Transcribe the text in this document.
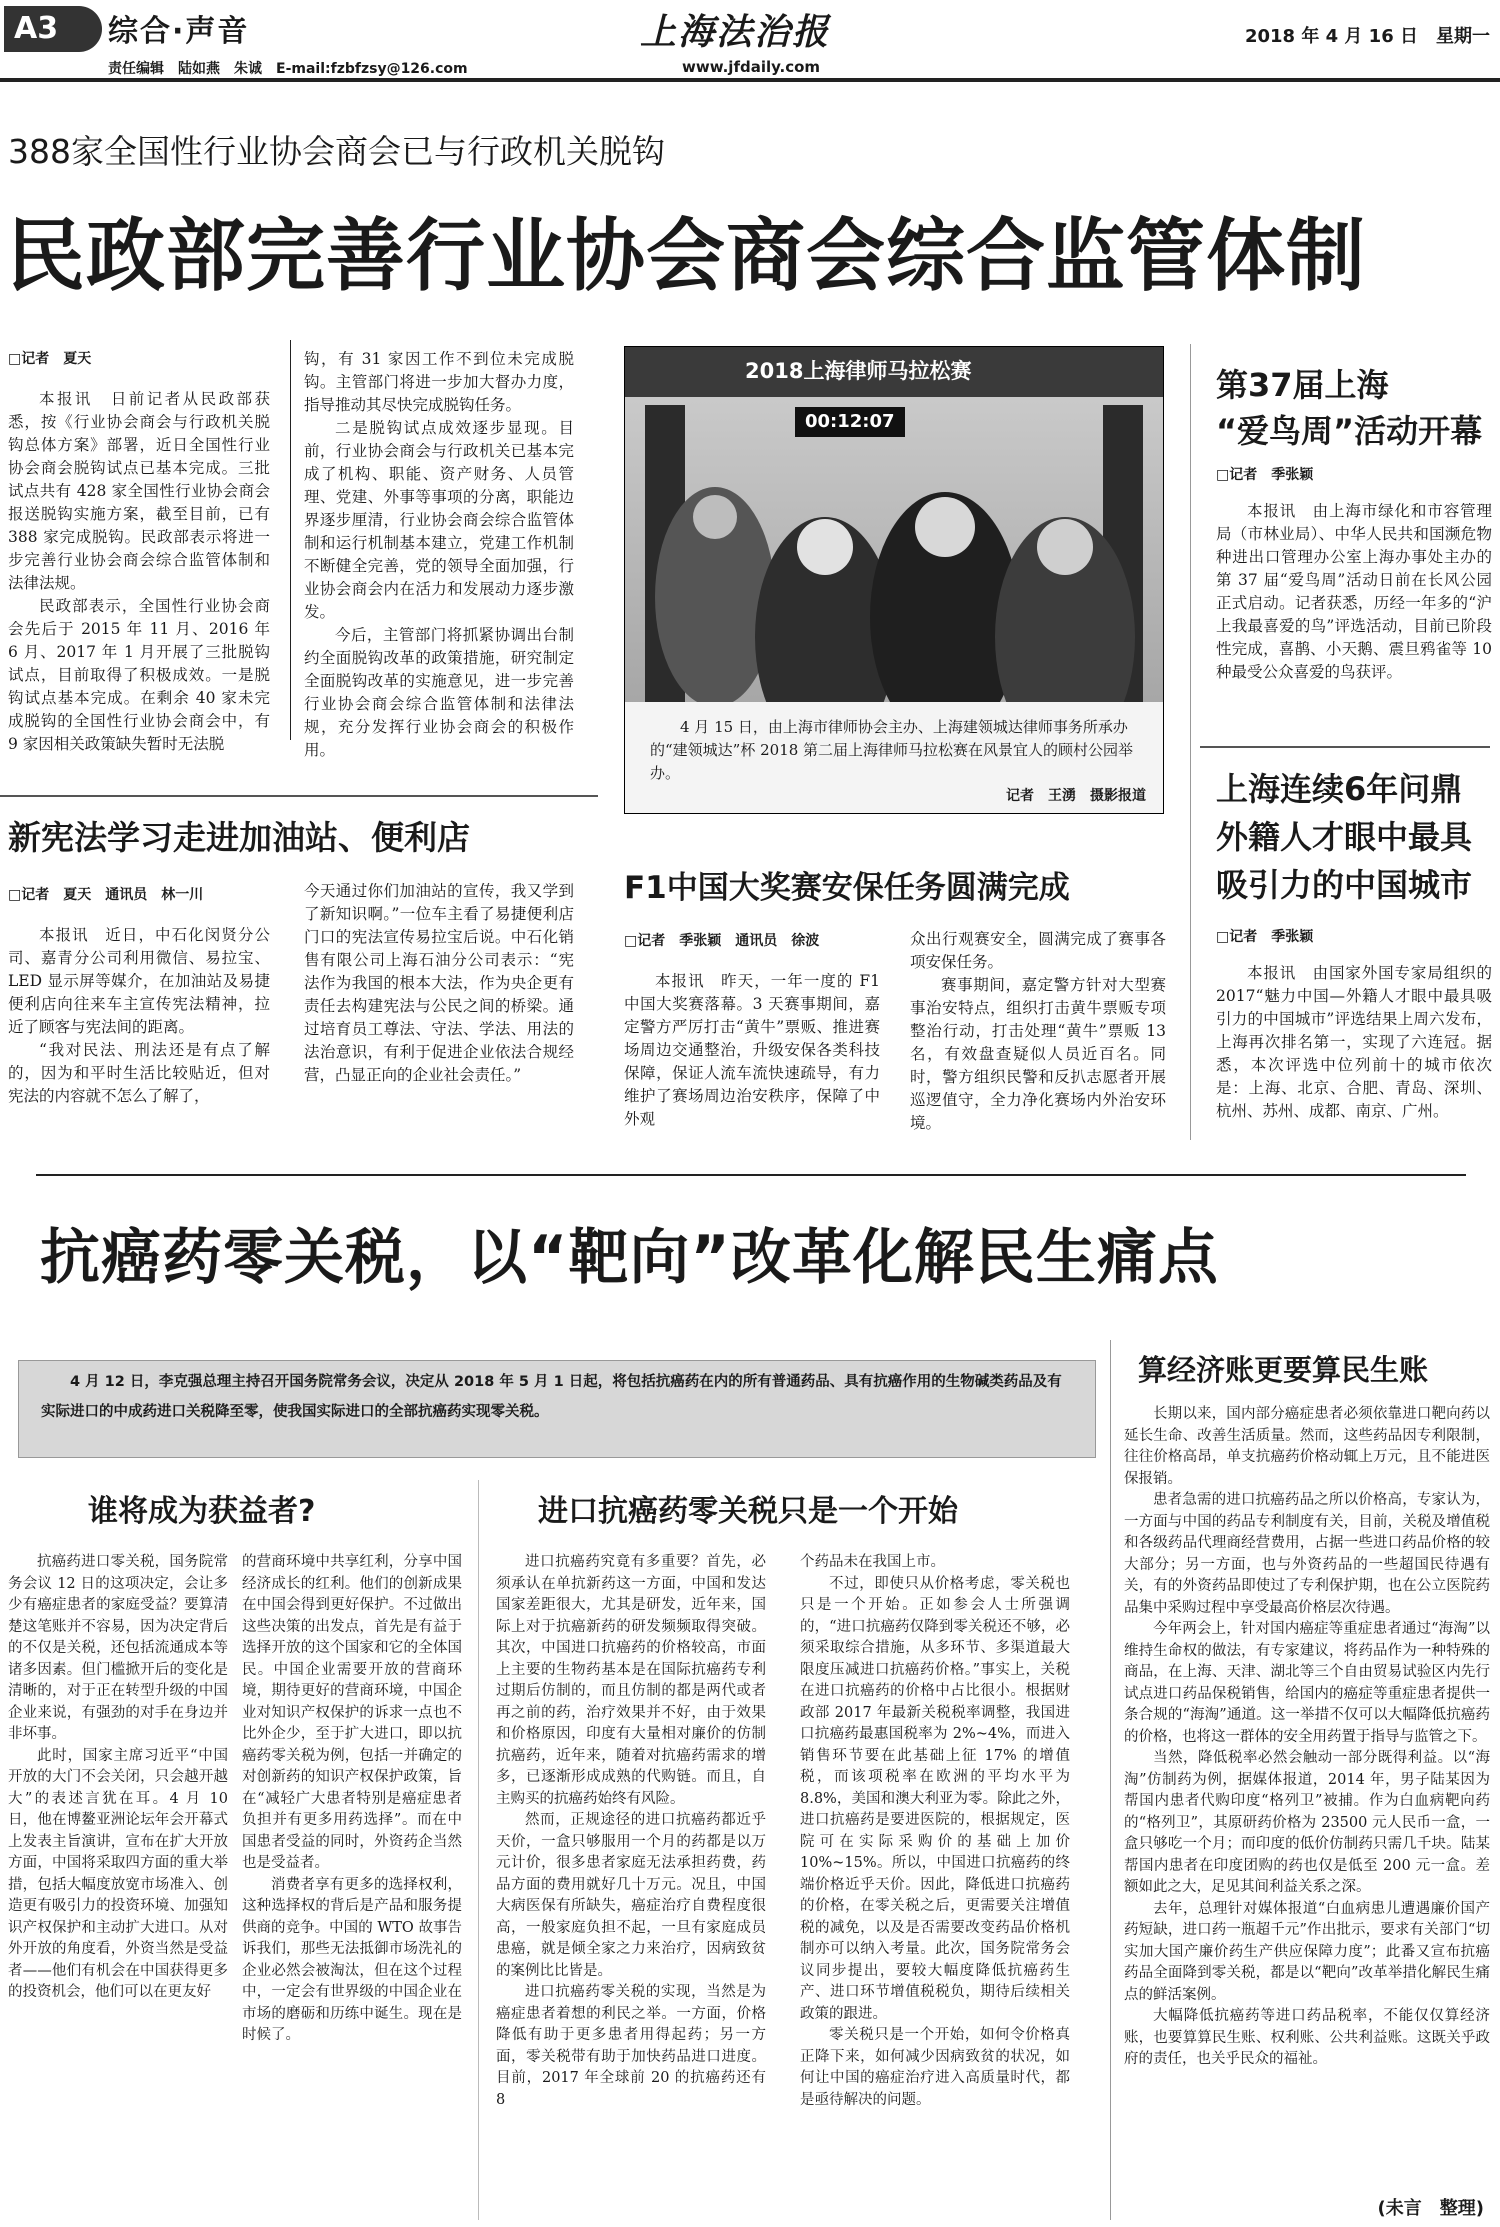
A3	综合·声音
责任编辑　陆如燕　朱诚　E-mail:fzbfzsy@126.com
上海法治报
www.jfdaily.com
2018 年 4 月 16 日　星期一
388家全国性行业协会商会已与行政机关脱钩
民政部完善行业协会商会综合监管体制
□记者　夏天

本报讯　日前记者从民政部获悉，按《行业协会商会与行政机关脱钩总体方案》部署，近日全国性行业协会商会脱钩试点已基本完成。三批试点共有 428 家全国性行业协会商会报送脱钩实施方案，截至目前，已有 388 家完成脱钩。民政部表示将进一步完善行业协会商会综合监管体制和法律法规。

民政部表示，全国性行业协会商会先后于 2015 年 11 月、2016 年 6 月、2017 年 1 月开展了三批脱钩试点，目前取得了积极成效。一是脱钩试点基本完成。在剩余 40 家未完成脱钩的全国性行业协会商会中，有 9 家因相关政策缺失暂时无法脱

钩，有 31 家因工作不到位未完成脱钩。主管部门将进一步加大督办力度，指导推动其尽快完成脱钩任务。

二是脱钩试点成效逐步显现。目前，行业协会商会与行政机关已基本完成了机构、职能、资产财务、人员管理、党建、外事等事项的分离，职能边界逐步厘清，行业协会商会综合监管体制和运行机制基本建立，党建工作机制不断健全完善，党的领导全面加强，行业协会商会内在活力和发展动力逐步激发。

今后，主管部门将抓紧协调出台制约全面脱钩改革的政策措施，研究制定全面脱钩改革的实施意见，进一步完善行业协会商会综合监管体制和法律法规，充分发挥行业协会商会的积极作用。

2018上海律师马拉松赛
00:12:07
4 月 15 日，由上海市律师协会主办、上海建领城达律师事务所承办的“建领城达”杯 2018 第二届上海律师马拉松赛在风景宜人的顾村公园举办。
记者　王湧　摄影报道
第37届上海
“爱鸟周”活动开幕
□记者　季张颖

本报讯　由上海市绿化和市容管理局（市林业局）、中华人民共和国濒危物种进出口管理办公室上海办事处主办的第 37 届“爱鸟周”活动日前在长风公园正式启动。记者获悉，历经一年多的“沪上我最喜爱的鸟”评选活动，目前已阶段性完成，喜鹊、小天鹅、震旦鸦雀等 10 种最受公众喜爱的鸟获评。

上海连续6年问鼎
外籍人才眼中最具
吸引力的中国城市
□记者　季张颖

本报讯　由国家外国专家局组织的 2017“魅力中国—外籍人才眼中最具吸引力的中国城市”评选结果上周六发布，上海再次排名第一，实现了六连冠。据悉，本次评选中位列前十的城市依次是：上海、北京、合肥、青岛、深圳、杭州、苏州、成都、南京、广州。

新宪法学习走进加油站、便利店
□记者　夏天　通讯员　林一川

本报讯　近日，中石化闵贤分公司、嘉青分公司利用微信、易拉宝、LED 显示屏等媒介，在加油站及易捷便利店向往来车主宣传宪法精神，拉近了顾客与宪法间的距离。

“我对民法、刑法还是有点了解的，因为和平时生活比较贴近，但对宪法的内容就不怎么了解了，

今天通过你们加油站的宣传，我又学到了新知识啊。”一位车主看了易捷便利店门口的宪法宣传易拉宝后说。中石化销售有限公司上海石油分公司表示：“宪法作为我国的根本大法，作为央企更有责任去构建宪法与公民之间的桥梁。通过培育员工尊法、守法、学法、用法的法治意识，有利于促进企业依法合规经营，凸显正向的企业社会责任。”

F1中国大奖赛安保任务圆满完成
□记者　季张颖　通讯员　徐波

本报讯　昨天，一年一度的 F1 中国大奖赛落幕。3 天赛事期间，嘉定警方严厉打击“黄牛”票贩、推进赛场周边交通整治，升级安保各类科技保障，保证人流车流快速疏导，有力维护了赛场周边治安秩序，保障了中外观

众出行观赛安全，圆满完成了赛事各项安保任务。

赛事期间，嘉定警方针对大型赛事治安特点，组织打击黄牛票贩专项整治行动，打击处理“黄牛”票贩 13 名，有效盘查疑似人员近百名。同时，警方组织民警和反扒志愿者开展巡逻值守，全力净化赛场内外治安环境。

抗癌药零关税，以“靶向”改革化解民生痛点
4 月 12 日，李克强总理主持召开国务院常务会议，决定从 2018 年 5 月 1 日起，将包括抗癌药在内的所有普通药品、具有抗癌作用的生物碱类药品及有实际进口的中成药进口关税降至零，使我国实际进口的全部抗癌药实现零关税。
谁将成为获益者?	进口抗癌药零关税只是一个开始
算经济账更要算民生账

抗癌药进口零关税，国务院常务会议 12 日的这项决定，会让多少有癌症患者的家庭受益？要算清楚这笔账并不容易，因为决定背后的不仅是关税，还包括流通成本等诸多因素。但门槛掀开后的变化是清晰的，对于正在转型升级的中国企业来说，有强劲的对手在身边并非坏事。

此时，国家主席习近平“中国开放的大门不会关闭，只会越开越大”的表述言犹在耳。4 月 10 日，他在博鳌亚洲论坛年会开幕式上发表主旨演讲，宣布在扩大开放方面，中国将采取四方面的重大举措，包括大幅度放宽市场准入、创造更有吸引力的投资环境、加强知识产权保护和主动扩大进口。从对外开放的角度看，外资当然是受益者——他们有机会在中国获得更多的投资机会，他们可以在更友好

的营商环境中共享红利，分享中国经济成长的红利。他们的创新成果在中国会得到更好保护。不过做出这些决策的出发点，首先是有益于选择开放的这个国家和它的全体国民。中国企业需要开放的营商环境，期待更好的营商环境，中国企业对知识产权保护的诉求一点也不比外企少，至于扩大进口，即以抗癌药零关税为例，包括一并确定的对创新药的知识产权保护政策，旨在“减轻广大患者特别是癌症患者负担并有更多用药选择”。而在中国患者受益的同时，外资药企当然也是受益者。

消费者享有更多的选择权利，这种选择权的背后是产品和服务提供商的竞争。中国的 WTO 故事告诉我们，那些无法抵御市场洗礼的企业必然会被淘汰，但在这个过程中，一定会有世界级的中国企业在市场的磨砺和历练中诞生。现在是时候了。

进口抗癌药究竟有多重要？首先，必须承认在单抗新药这一方面，中国和发达国家差距很大，尤其是研发，近年来，国际上对于抗癌新药的研发频频取得突破。其次，中国进口抗癌药的价格较高，市面上主要的生物药基本是在国际抗癌药专利过期后仿制的，而且仿制的都是两代或者再之前的药，治疗效果并不好，由于效果和价格原因，印度有大量相对廉价的仿制抗癌药，近年来，随着对抗癌药需求的增多，已逐渐形成成熟的代购链。而且，自主购买的抗癌药始终有风险。

然而，正规途径的进口抗癌药都近乎天价，一盒只够服用一个月的药都是以万元计价，很多患者家庭无法承担药费，药品方面的费用就好几十万元。况且，中国大病医保有所缺失，癌症治疗自费程度很高，一般家庭负担不起，一旦有家庭成员患癌，就是倾全家之力来治疗，因病致贫的案例比比皆是。

进口抗癌药零关税的实现，当然是为癌症患者着想的利民之举。一方面，价格降低有助于更多患者用得起药；另一方面，零关税带有助于加快药品进口进度。目前，2017 年全球前 20 的抗癌药还有 8

个药品未在我国上市。

不过，即使只从价格考虑，零关税也只是一个开始。正如参会人士所强调的，“进口抗癌药仅降到零关税还不够，必须采取综合措施，从多环节、多渠道最大限度压减进口抗癌药价格。”事实上，关税在进口抗癌药的价格中占比很小。根据财政部 2017 年最新关税税率调整，我国进口抗癌药最惠国税率为 2%~4%，而进入销售环节要在此基础上征 17% 的增值税，而该项税率在欧洲的平均水平为 8.8%，美国和澳大利亚为零。除此之外，进口抗癌药是要进医院的，根据规定，医院可在实际采购价的基础上加价 10%~15%。所以，中国进口抗癌药的终端价格近乎天价。因此，降低进口抗癌药的价格，在零关税之后，更需要关注增值税的减免，以及是否需要改变药品价格机制亦可以纳入考量。此次，国务院常务会议同步提出，要较大幅度降低抗癌药生产、进口环节增值税税负，期待后续相关政策的跟进。

零关税只是一个开始，如何令价格真正降下来，如何减少因病致贫的状况，如何让中国的癌症治疗进入高质量时代，都是亟待解决的问题。

长期以来，国内部分癌症患者必须依靠进口靶向药以延长生命、改善生活质量。然而，这些药品因专利限制，往往价格高昂，单支抗癌药价格动辄上万元，且不能进医保报销。

患者急需的进口抗癌药品之所以价格高，专家认为，一方面与中国的药品专利制度有关，目前，关税及增值税和各级药品代理商经营费用，占据一些进口药品价格的较大部分；另一方面，也与外资药品的一些超国民待遇有关，有的外资药品即使过了专利保护期，也在公立医院药品集中采购过程中享受最高价格层次待遇。

今年两会上，针对国内癌症等重症患者通过“海淘”以维持生命权的做法，有专家建议，将药品作为一种特殊的商品，在上海、天津、湖北等三个自由贸易试验区内先行试点进口药品保税销售，给国内的癌症等重症患者提供一条合规的“海淘”通道。这一举措不仅可以大幅降低抗癌药的价格，也将这一群体的安全用药置于指导与监管之下。

当然，降低税率必然会触动一部分既得利益。以“海淘”仿制药为例，据媒体报道，2014 年，男子陆某因为帮国内患者代购印度“格列卫”被捕。作为白血病靶向药的“格列卫”，其原研药价格为 23500 元人民币一盒，一盒只够吃一个月；而印度的低价仿制药只需几千块。陆某帮国内患者在印度团购的药也仅是低至 200 元一盒。差额如此之大，足见其间利益关系之深。

去年，总理针对媒体报道“白血病患儿遭遇廉价国产药短缺，进口药一瓶超千元”作出批示，要求有关部门“切实加大国产廉价药生产供应保障力度”；此番又宣布抗癌药品全面降到零关税，都是以“靶向”改革举措化解民生痛点的鲜活案例。

大幅降低抗癌药等进口药品税率，不能仅仅算经济账，也要算算民生账、权利账、公共利益账。这既关乎政府的责任，也关乎民众的福祉。

(未言　整理)
